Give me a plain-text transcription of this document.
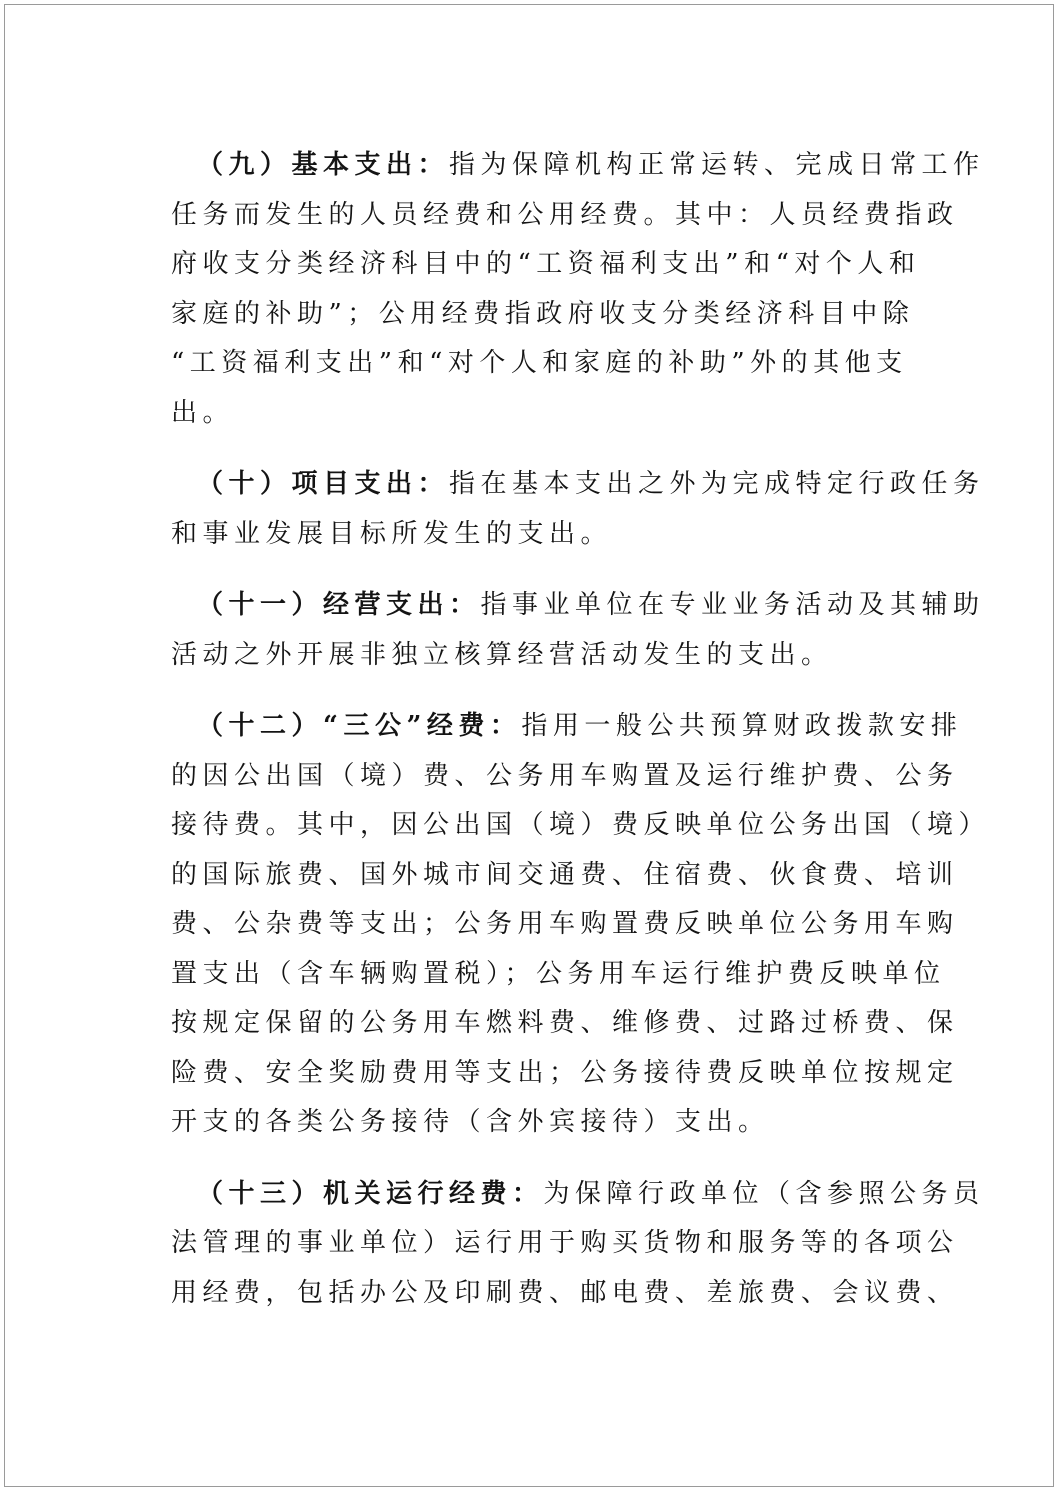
（九）基本支出：指为保障机构正常运转、完成日常工作
任务而发生的人员经费和公用经费。其中：人员经费指政
府收支分类经济科目中的“工资福利支出”和“对个人和
家庭的补助”；公用经费指政府收支分类经济科目中除
“工资福利支出”和“对个人和家庭的补助”外的其他支
出。
（十）项目支出：指在基本支出之外为完成特定行政任务
和事业发展目标所发生的支出。
（十一）经营支出：指事业单位在专业业务活动及其辅助
活动之外开展非独立核算经营活动发生的支出。
（十二）“三公”经费：指用一般公共预算财政拨款安排
的因公出国（境）费、公务用车购置及运行维护费、公务
接待费。其中，因公出国（境）费反映单位公务出国（境）
的国际旅费、国外城市间交通费、住宿费、伙食费、培训
费、公杂费等支出；公务用车购置费反映单位公务用车购
置支出（含车辆购置税）；公务用车运行维护费反映单位
按规定保留的公务用车燃料费、维修费、过路过桥费、保
险费、安全奖励费用等支出；公务接待费反映单位按规定
开支的各类公务接待（含外宾接待）支出。
（十三）机关运行经费：为保障行政单位（含参照公务员
法管理的事业单位）运行用于购买货物和服务等的各项公
用经费，包括办公及印刷费、邮电费、差旅费、会议费、
